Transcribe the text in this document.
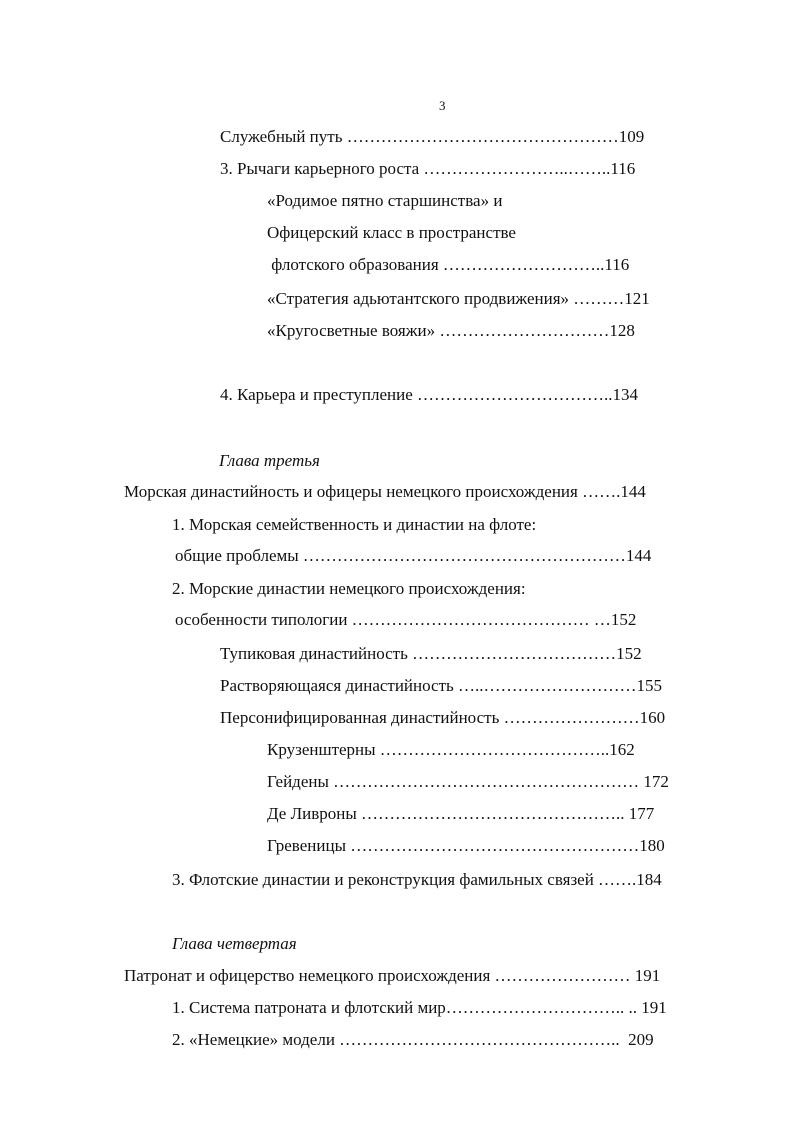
3
Служебный путь …………………………………………109
3. Рычаги карьерного роста ……………………..……..116
«Родимое пятно старшинства» и
Офицерский класс в пространстве
флотского образования ………………………..116
«Стратегия адьютантского продвижения» ………121
«Кругосветные вояжи» …………………………128
4. Карьера и преступление ……………………………..134
Глава третья
Морская династийность и офицеры немецкого происхождения …….144
1. Морская семейственность и династии на флоте:
общие проблемы …………………………………………………144
2. Морские династии немецкого происхождения:
особенности типологии …………………………………… …152
Тупиковая династийность ………………………………152
Растворяющаяся династийность …..………………………155
Персонифицированная династийность ……………………160
Крузенштерны …………………………………..162
Гейдены ……………………………………………… 172
Де Ливроны ……………………………………….. 177
Гревеницы ……………………………………………180
3. Флотские династии и реконструкция фамильных связей …….184
Глава четвертая
Патронат и офицерство немецкого происхождения …………………… 191
1. Система патроната и флотский мир………………………….. .. 191
2. «Немецкие» модели …………………………………………..  209
